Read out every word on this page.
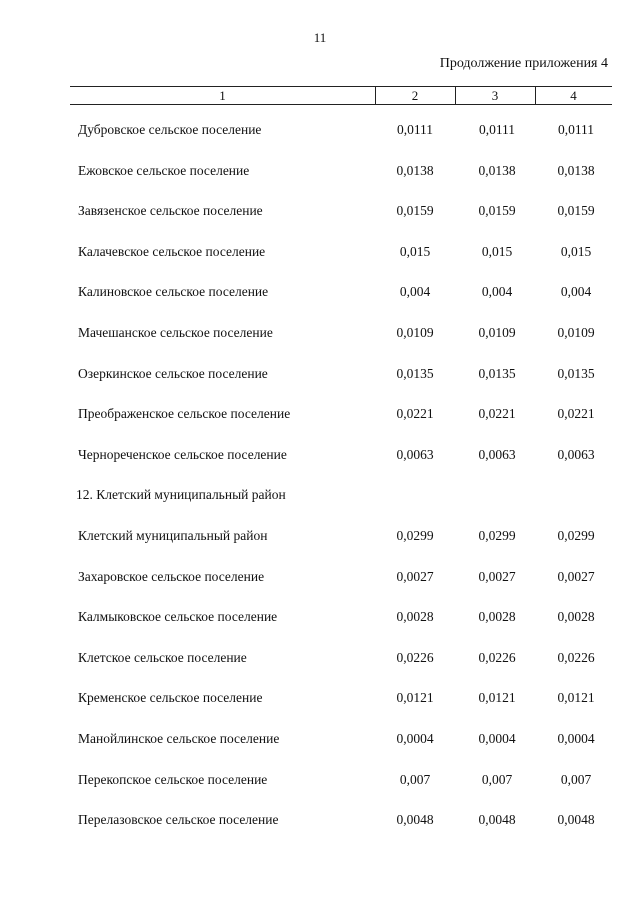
11
Продолжение приложения 4
1	2	3	4
Дубровское сельское поселение	0,0111	0,0111	0,0111
Ежовское сельское поселение	0,0138	0,0138	0,0138
Завязенское сельское поселение	0,0159	0,0159	0,0159
Калачевское сельское поселение	0,015	0,015	0,015
Калиновское сельское поселение	0,004	0,004	0,004
Мачешанское сельское поселение	0,0109	0,0109	0,0109
Озеркинское сельское поселение	0,0135	0,0135	0,0135
Преображенское сельское поселение	0,0221	0,0221	0,0221
Чернореченское сельское поселение	0,0063	0,0063	0,0063
12. Клетский муниципальный район
Клетский муниципальный район	0,0299	0,0299	0,0299
Захаровское сельское поселение	0,0027	0,0027	0,0027
Калмыковское сельское поселение	0,0028	0,0028	0,0028
Клетское сельское поселение	0,0226	0,0226	0,0226
Кременское сельское поселение	0,0121	0,0121	0,0121
Манойлинское сельское поселение	0,0004	0,0004	0,0004
Перекопское сельское поселение	0,007	0,007	0,007
Перелазовское сельское поселение	0,0048	0,0048	0,0048
